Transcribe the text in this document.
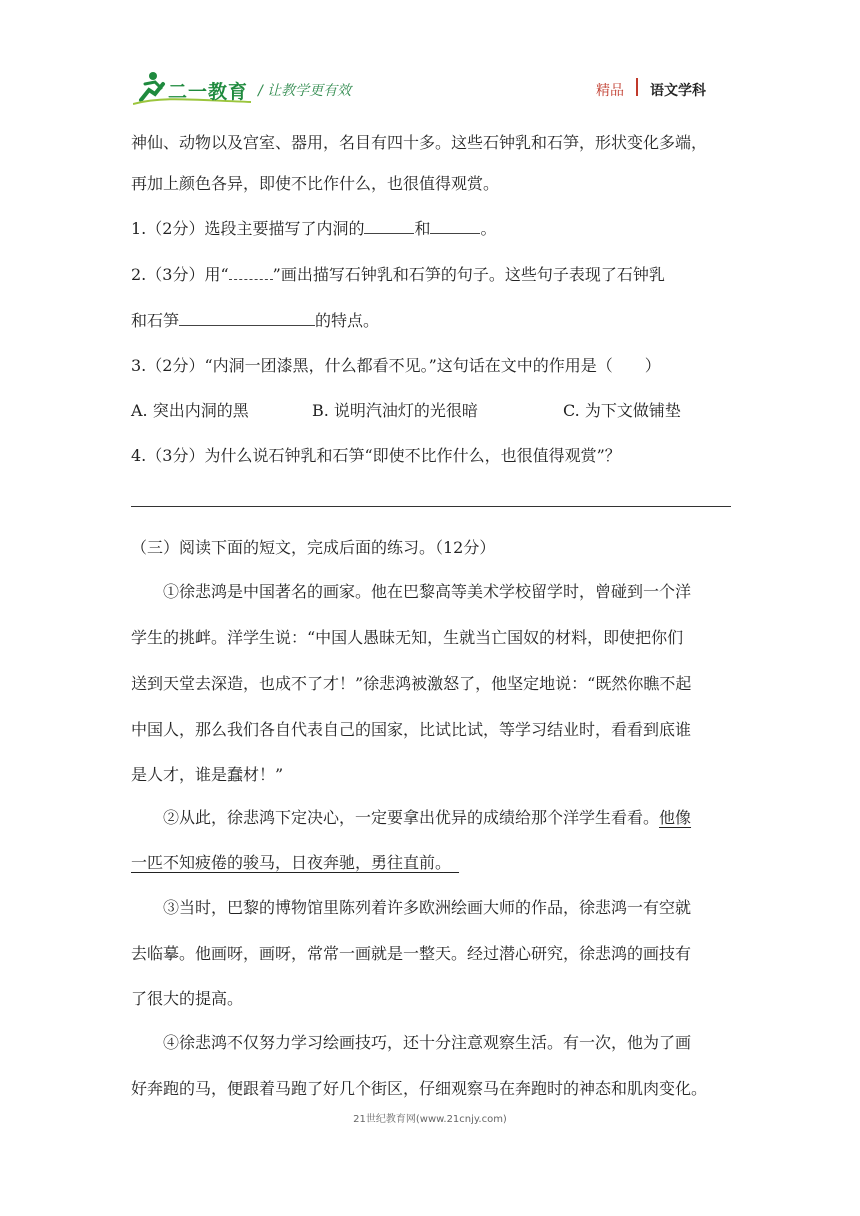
二一教育 / 让教学更有效	精品 语文学科
神仙、动物以及宫室、器用，名目有四十多。这些石钟乳和石笋，形状变化多端，
再加上颜色各异，即使不比作什么，也很值得观赏。
1.（2分）选段主要描写了内洞的	和	。
2.（3分）用“	”画出描写石钟乳和石笋的句子。这些句子表现了石钟乳
和石笋	的特点。
3.（2分）“内洞一团漆黑，什么都看不见。”这句话在文中的作用是（　　）
A. 突出内洞的黑	B. 说明汽油灯的光很暗	C. 为下文做铺垫
4.（3分）为什么说石钟乳和石笋“即使不比作什么，也很值得观赏”？
（三）阅读下面的短文，完成后面的练习。（12分）
①徐悲鸿是中国著名的画家。他在巴黎高等美术学校留学时，曾碰到一个洋
学生的挑衅。洋学生说：“中国人愚昧无知，生就当亡国奴的材料，即使把你们
送到天堂去深造，也成不了才！”徐悲鸿被激怒了，他坚定地说：“既然你瞧不起
中国人，那么我们各自代表自己的国家，比试比试，等学习结业时，看看到底谁
是人才，谁是蠢材！”
②从此，徐悲鸿下定决心，一定要拿出优异的成绩给那个洋学生看看。他像
一匹不知疲倦的骏马，日夜奔驰，勇往直前。　
③当时，巴黎的博物馆里陈列着许多欧洲绘画大师的作品，徐悲鸿一有空就
去临摹。他画呀，画呀，常常一画就是一整天。经过潜心研究，徐悲鸿的画技有
了很大的提高。
④徐悲鸿不仅努力学习绘画技巧，还十分注意观察生活。有一次，他为了画
好奔跑的马，便跟着马跑了好几个街区，仔细观察马在奔跑时的神态和肌肉变化。
21世纪教育网(www.21cnjy.com)
